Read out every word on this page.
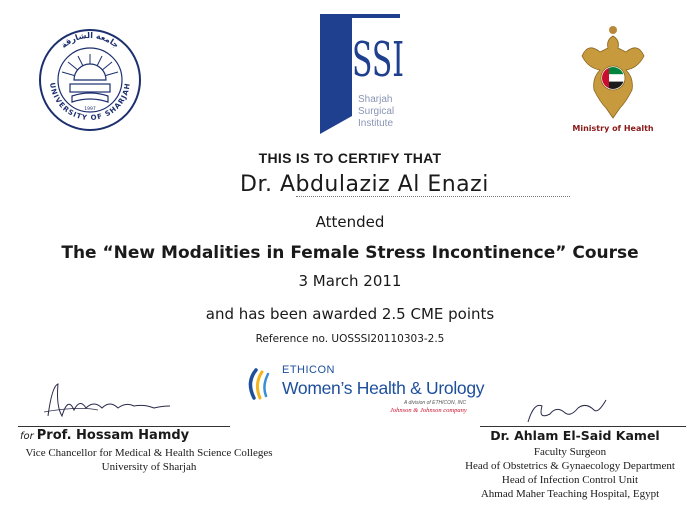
UNIVERSITY OF SHARJAH
جامعة الشارقة
1997
SSI
Sharjah
Surgical
Institute	Ministry of Health
THIS IS TO CERTIFY THAT
Dr. Abdulaziz Al Enazi
Attended
The “New Modalities in Female Stress Incontinence” Course
3 March 2011
and has been awarded 2.5 CME points
Reference no. UOSSSI20110303-2.5
ETHICON
Women’s Health & Urology
A division of ETHICON, INC
Johnson & Johnson company
for Prof. Hossam Hamdy
Vice Chancellor for Medical & Health Science Colleges
University of Sharjah
Dr. Ahlam El-Said Kamel
Faculty Surgeon
Head of Obstetrics & Gynaecology Department
Head of Infection Control Unit
Ahmad Maher Teaching Hospital, Egypt
